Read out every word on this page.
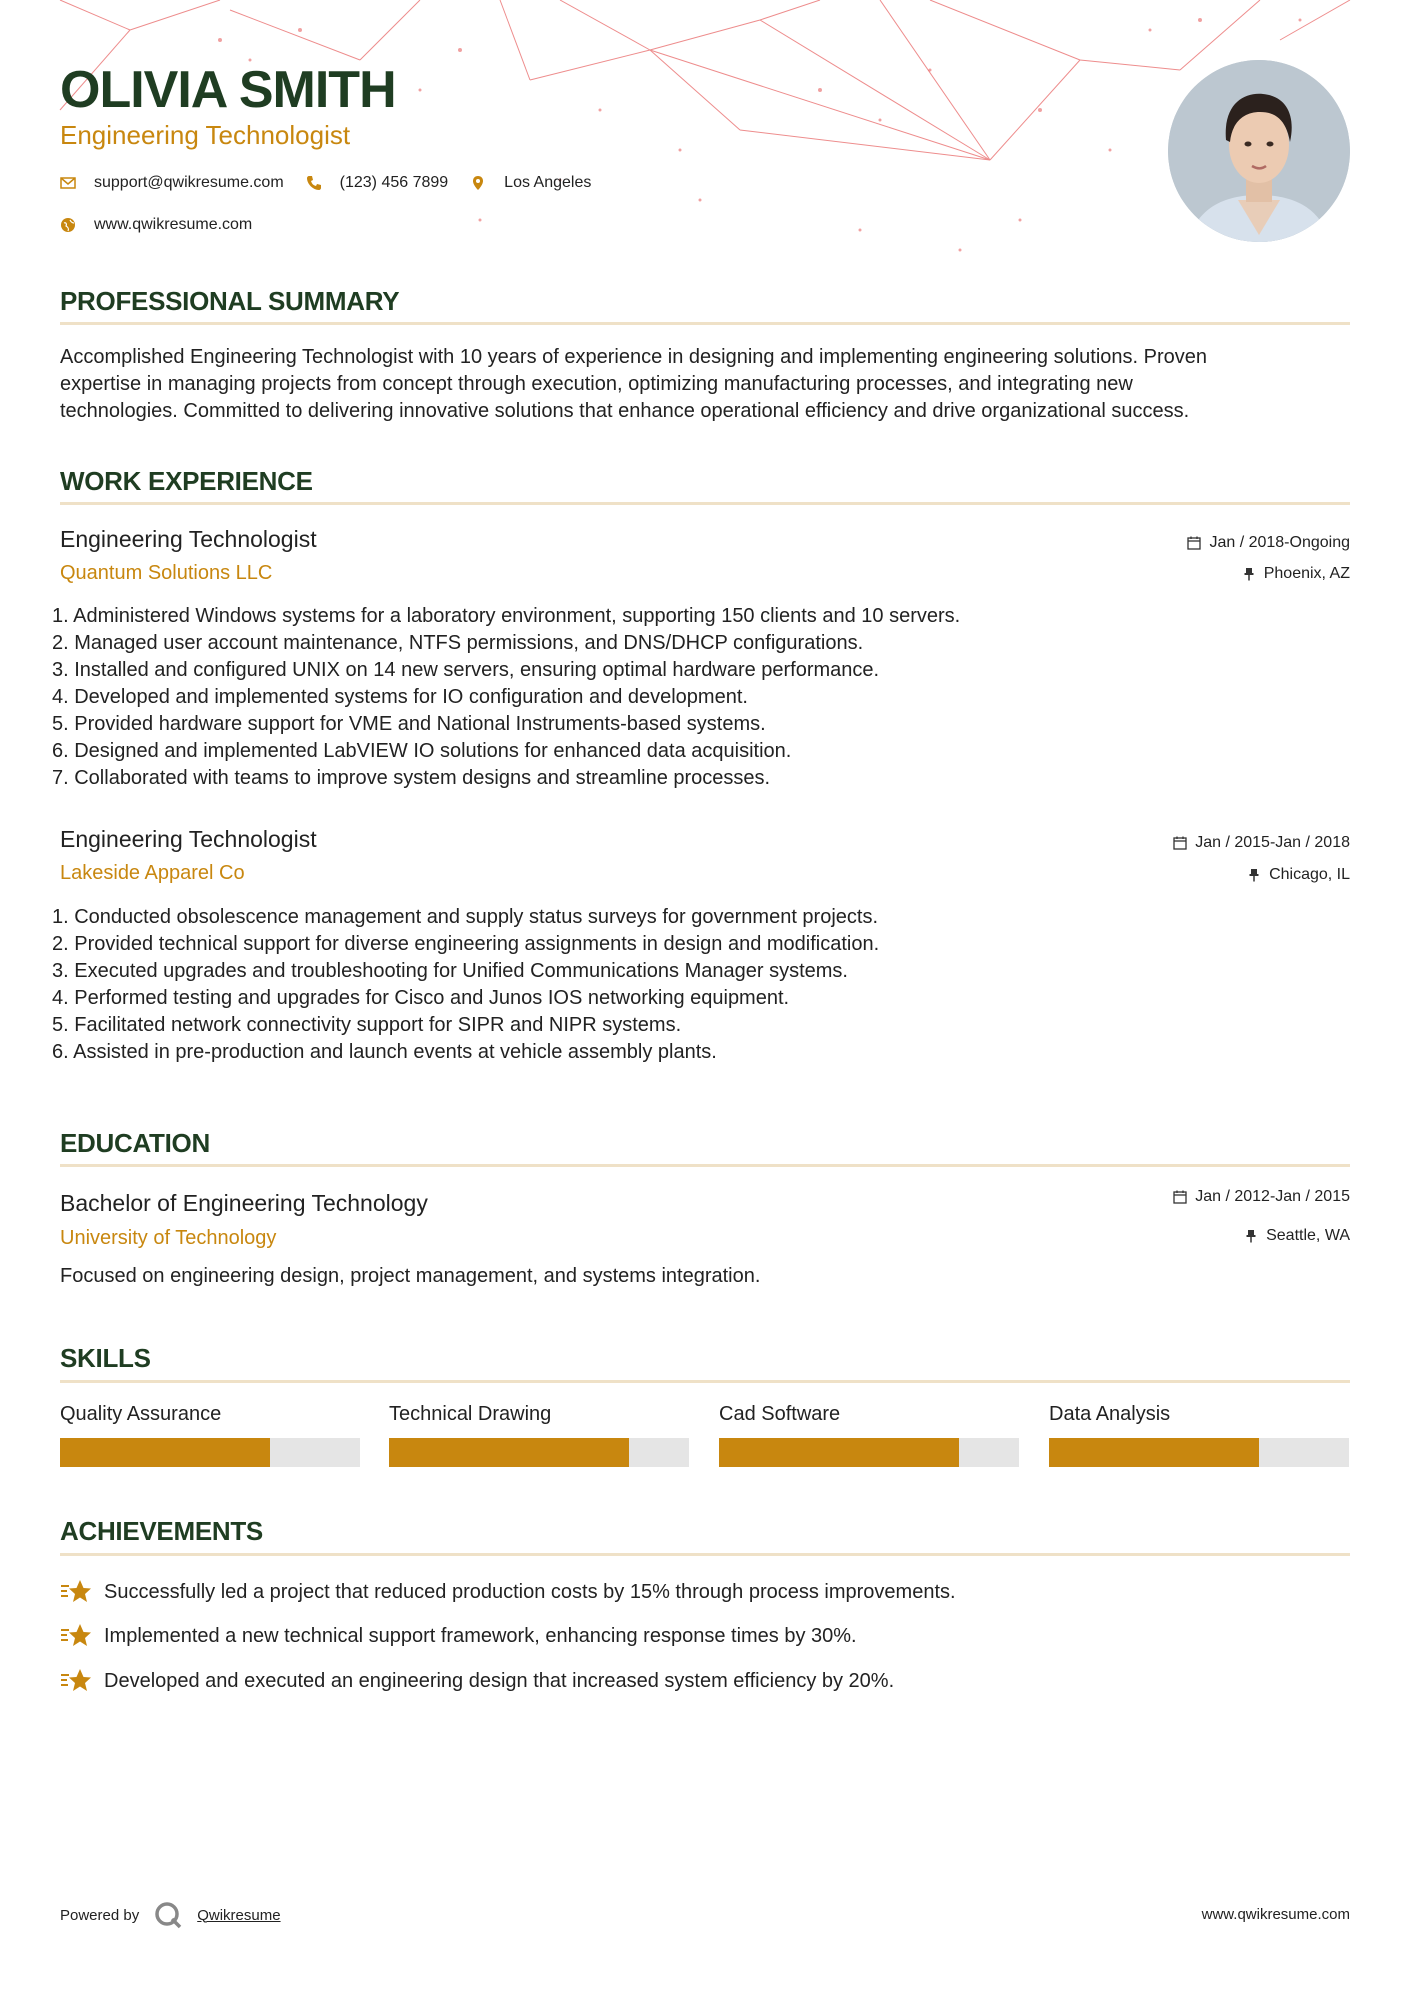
OLIVIA SMITH
Engineering Technologist
support@qwikresume.com	(123) 456 7899	Los Angeles
www.qwikresume.com
PROFESSIONAL SUMMARY
Accomplished Engineering Technologist with 10 years of experience in designing and implementing engineering solutions. Proven
expertise in managing projects from concept through execution, optimizing manufacturing processes, and integrating new
technologies. Committed to delivering innovative solutions that enhance operational efficiency and drive organizational success.
WORK EXPERIENCE
Engineering Technologist
Quantum Solutions LLC
Jan / 2018-Ongoing
Phoenix, AZ
1. Administered Windows systems for a laboratory environment, supporting 150 clients and 10 servers.
2. Managed user account maintenance, NTFS permissions, and DNS/DHCP configurations.
3. Installed and configured UNIX on 14 new servers, ensuring optimal hardware performance.
4. Developed and implemented systems for IO configuration and development.
5. Provided hardware support for VME and National Instruments-based systems.
6. Designed and implemented LabVIEW IO solutions for enhanced data acquisition.
7. Collaborated with teams to improve system designs and streamline processes.
Engineering Technologist
Lakeside Apparel Co
Jan / 2015-Jan / 2018
Chicago, IL
1. Conducted obsolescence management and supply status surveys for government projects.
2. Provided technical support for diverse engineering assignments in design and modification.
3. Executed upgrades and troubleshooting for Unified Communications Manager systems.
4. Performed testing and upgrades for Cisco and Junos IOS networking equipment.
5. Facilitated network connectivity support for SIPR and NIPR systems.
6. Assisted in pre-production and launch events at vehicle assembly plants.
EDUCATION
Bachelor of Engineering Technology
University of Technology
Jan / 2012-Jan / 2015
Seattle, WA
Focused on engineering design, project management, and systems integration.
SKILLS
Quality Assurance	Technical Drawing	Cad Software	Data Analysis
ACHIEVEMENTS
Successfully led a project that reduced production costs by 15% through process improvements.
Implemented a new technical support framework, enhancing response times by 30%.
Developed and executed an engineering design that increased system efficiency by 20%.
Powered by	Qwikresume	www.qwikresume.com
